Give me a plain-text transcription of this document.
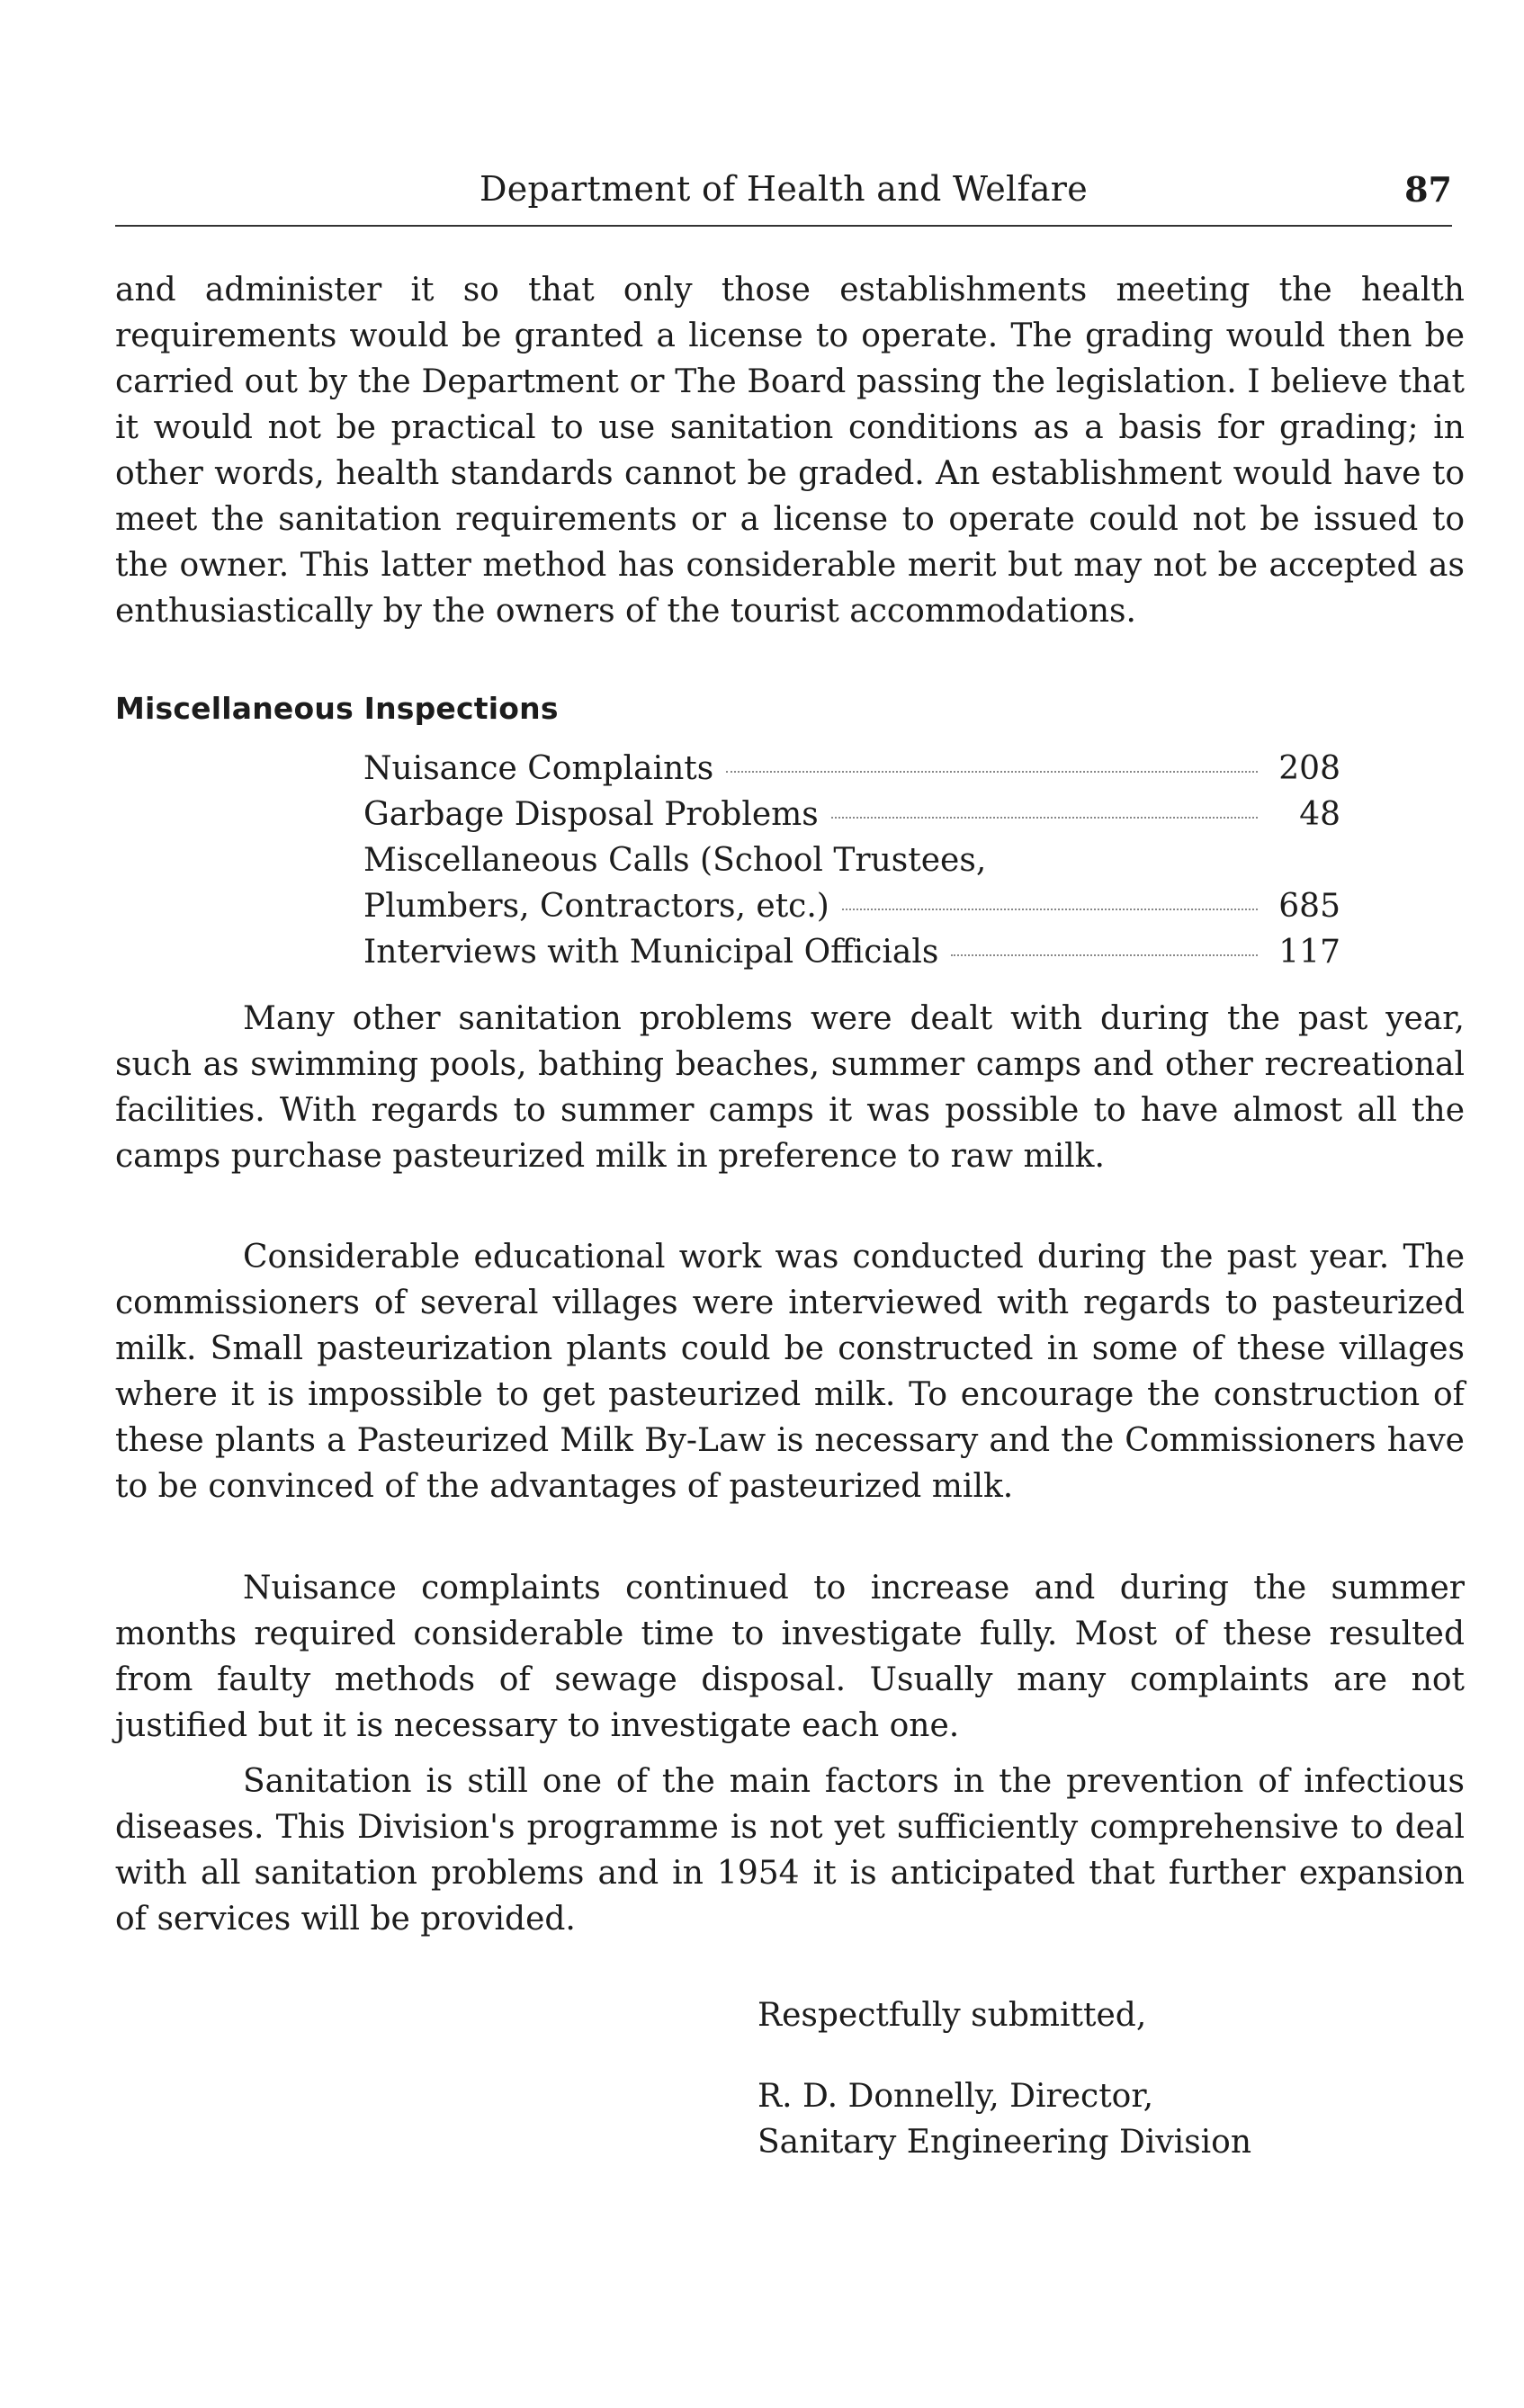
Department of Health and Welfare	87

and administer it so that only those establishments meeting the health requirements would be granted a license to operate. The grading would then be carried out by the Department or The Board passing the legislation. I believe that it would not be practical to use sanitation conditions as a basis for grading; in other words, health standards cannot be graded. An establishment would have to meet the sanitation requirements or a license to operate could not be issued to the owner. This latter method has considerable merit but may not be accepted as enthusiastically by the owners of the tourist accommodations.

Miscellaneous Inspections
Nuisance Complaints	208
Garbage Disposal Problems	48
Miscellaneous Calls (School Trustees,
Plumbers, Contractors, etc.)	685
Interviews with Municipal Officials	117

Many other sanitation problems were dealt with during the past year, such as swimming pools, bathing beaches, summer camps and other recreational facilities. With regards to summer camps it was possible to have almost all the camps purchase pasteurized milk in preference to raw milk.

Considerable educational work was conducted during the past year. The commissioners of several villages were interviewed with regards to pasteurized milk. Small pasteurization plants could be constructed in some of these villages where it is impossible to get pasteurized milk. To encourage the construction of these plants a Pasteurized Milk By-Law is necessary and the Commissioners have to be convinced of the advantages of pasteurized milk.

Nuisance complaints continued to increase and during the summer months required considerable time to investigate fully. Most of these resulted from faulty methods of sewage disposal. Usually many complaints are not justified but it is necessary to investigate each one.

Sanitation is still one of the main factors in the prevention of infectious diseases. This Division's programme is not yet sufficiently comprehensive to deal with all sanitation problems and in 1954 it is anticipated that further expansion of services will be provided.

Respectfully submitted,
R. D. Donnelly, Director,
Sanitary Engineering Division
